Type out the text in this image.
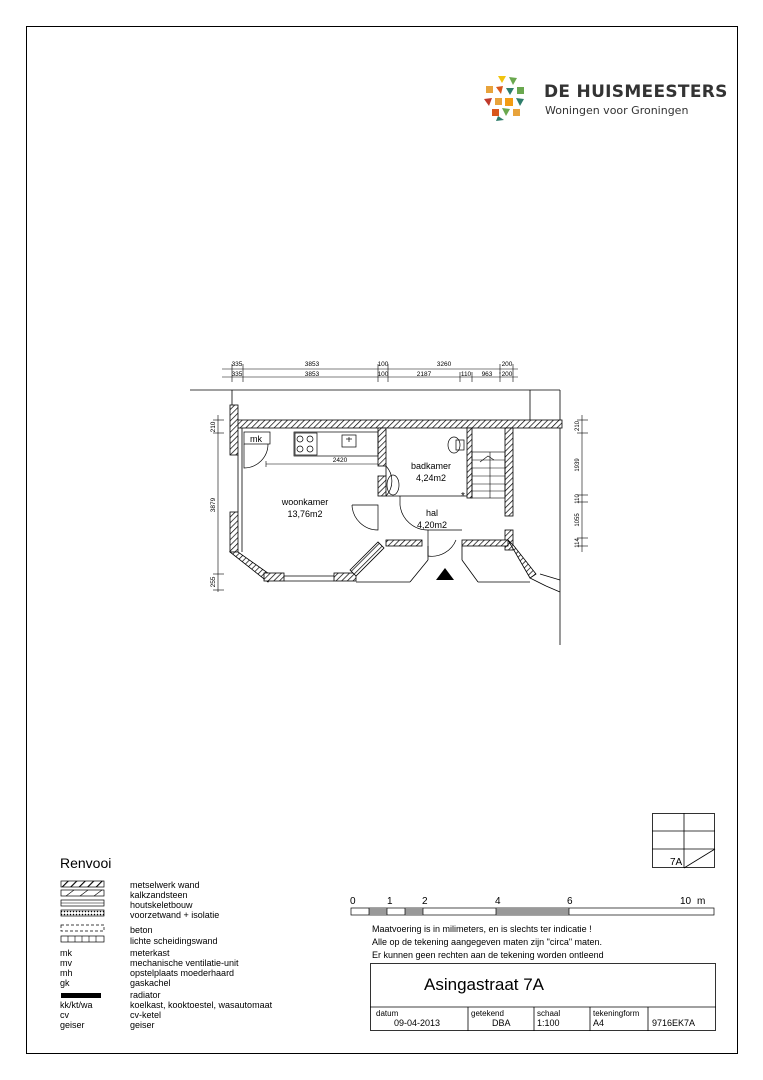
DE HUISMEESTERS
Woningen voor Groningen
335	3853	100	3260	200
335	3853	100	2187	110 963 200
210
3879
255
210
1939
110
1055
114
mk
2420
*
woonkamer
13,76m2
badkamer
4,24m2
hal
4,20m2
7A
Renvooi
metselwerk wand
kalkzandsteen
houtskeletbouw
voorzetwand + isolatie
beton
lichte scheidingswand
mk	meterkast
mv	mechanische ventilatie-unit
mh	opstelplaats moederhaard
gk	gaskachel
radiator
kk/kt/wa	koelkast, kooktoestel, wasautomaat
cv	cv-ketel
geiser	geiser
0	1	2	4	6	10 m
Maatvoering is in milimeters, en is slechts ter indicatie !
Alle op de tekening aangegeven maten zijn "circa" maten.
Er kunnen geen rechten aan de tekening worden ontleend
Asingastraat 7A
datum
09-04-2013
getekend
DBA
schaal
1:100
tekeningform
A4	9716EK7A
